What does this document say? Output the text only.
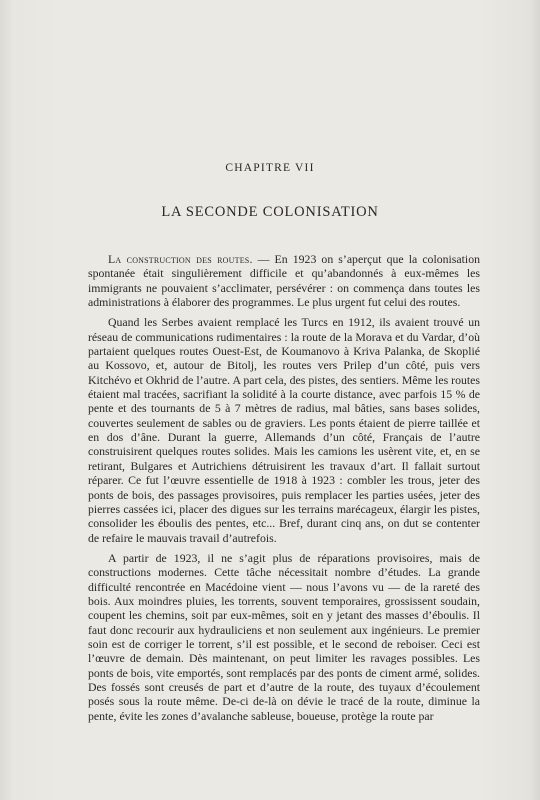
CHAPITRE VII
LA SECONDE COLONISATION

La construction des routes. — En 1923 on s’aperçut que la colonisation spontanée était singulièrement difficile et qu’abandonnés à eux-mêmes les immigrants ne pouvaient s’acclimater, persévérer : on commença dans toutes les administrations à élaborer des programmes. Le plus urgent fut celui des routes.

Quand les Serbes avaient remplacé les Turcs en 1912, ils avaient trouvé un réseau de communications rudimentaires : la route de la Morava et du Vardar, d’où partaient quelques routes Ouest-Est, de Koumanovo à Kriva Palanka, de Skoplié au Kossovo, et, autour de Bitolj, les routes vers Prilep d’un côté, puis vers Kitchévo et Okhrid de l’autre. A part cela, des pistes, des sentiers. Même les routes étaient mal tracées, sacrifiant la solidité à la courte distance, avec parfois 15 % de pente et des tournants de 5 à 7 mètres de radius, mal bâties, sans bases solides, couvertes seulement de sables ou de graviers. Les ponts étaient de pierre taillée et en dos d’âne. Durant la guerre, Allemands d’un côté, Français de l’autre construisirent quelques routes solides. Mais les camions les usèrent vite, et, en se retirant, Bulgares et Autrichiens détruisirent les travaux d’art. Il fallait surtout réparer. Ce fut l’œuvre essentielle de 1918 à 1923 : combler les trous, jeter des ponts de bois, des passages provisoires, puis remplacer les parties usées, jeter des pierres cassées ici, placer des digues sur les terrains marécageux, élargir les pistes, consolider les éboulis des pentes, etc... Bref, durant cinq ans, on dut se contenter de refaire le mauvais travail d’autrefois.

A partir de 1923, il ne s’agit plus de réparations provisoires, mais de constructions modernes. Cette tâche nécessitait nombre d’études. La grande difficulté rencontrée en Macédoine vient — nous l’avons vu — de la rareté des bois. Aux moindres pluies, les torrents, souvent temporaires, grossissent soudain, coupent les chemins, soit par eux-mêmes, soit en y jetant des masses d’éboulis. Il faut donc recourir aux hydrauliciens et non seulement aux ingénieurs. Le premier soin est de corriger le torrent, s’il est possible, et le second de reboiser. Ceci est l’œuvre de demain. Dès maintenant, on peut limiter les ravages possibles. Les ponts de bois, vite emportés, sont remplacés par des ponts de ciment armé, solides. Des fossés sont creusés de part et d’autre de la route, des tuyaux d’écoulement posés sous la route même. De-ci de-là on dévie le tracé de la route, diminue la pente, évite les zones d’avalanche sableuse, boueuse, protège la route par
